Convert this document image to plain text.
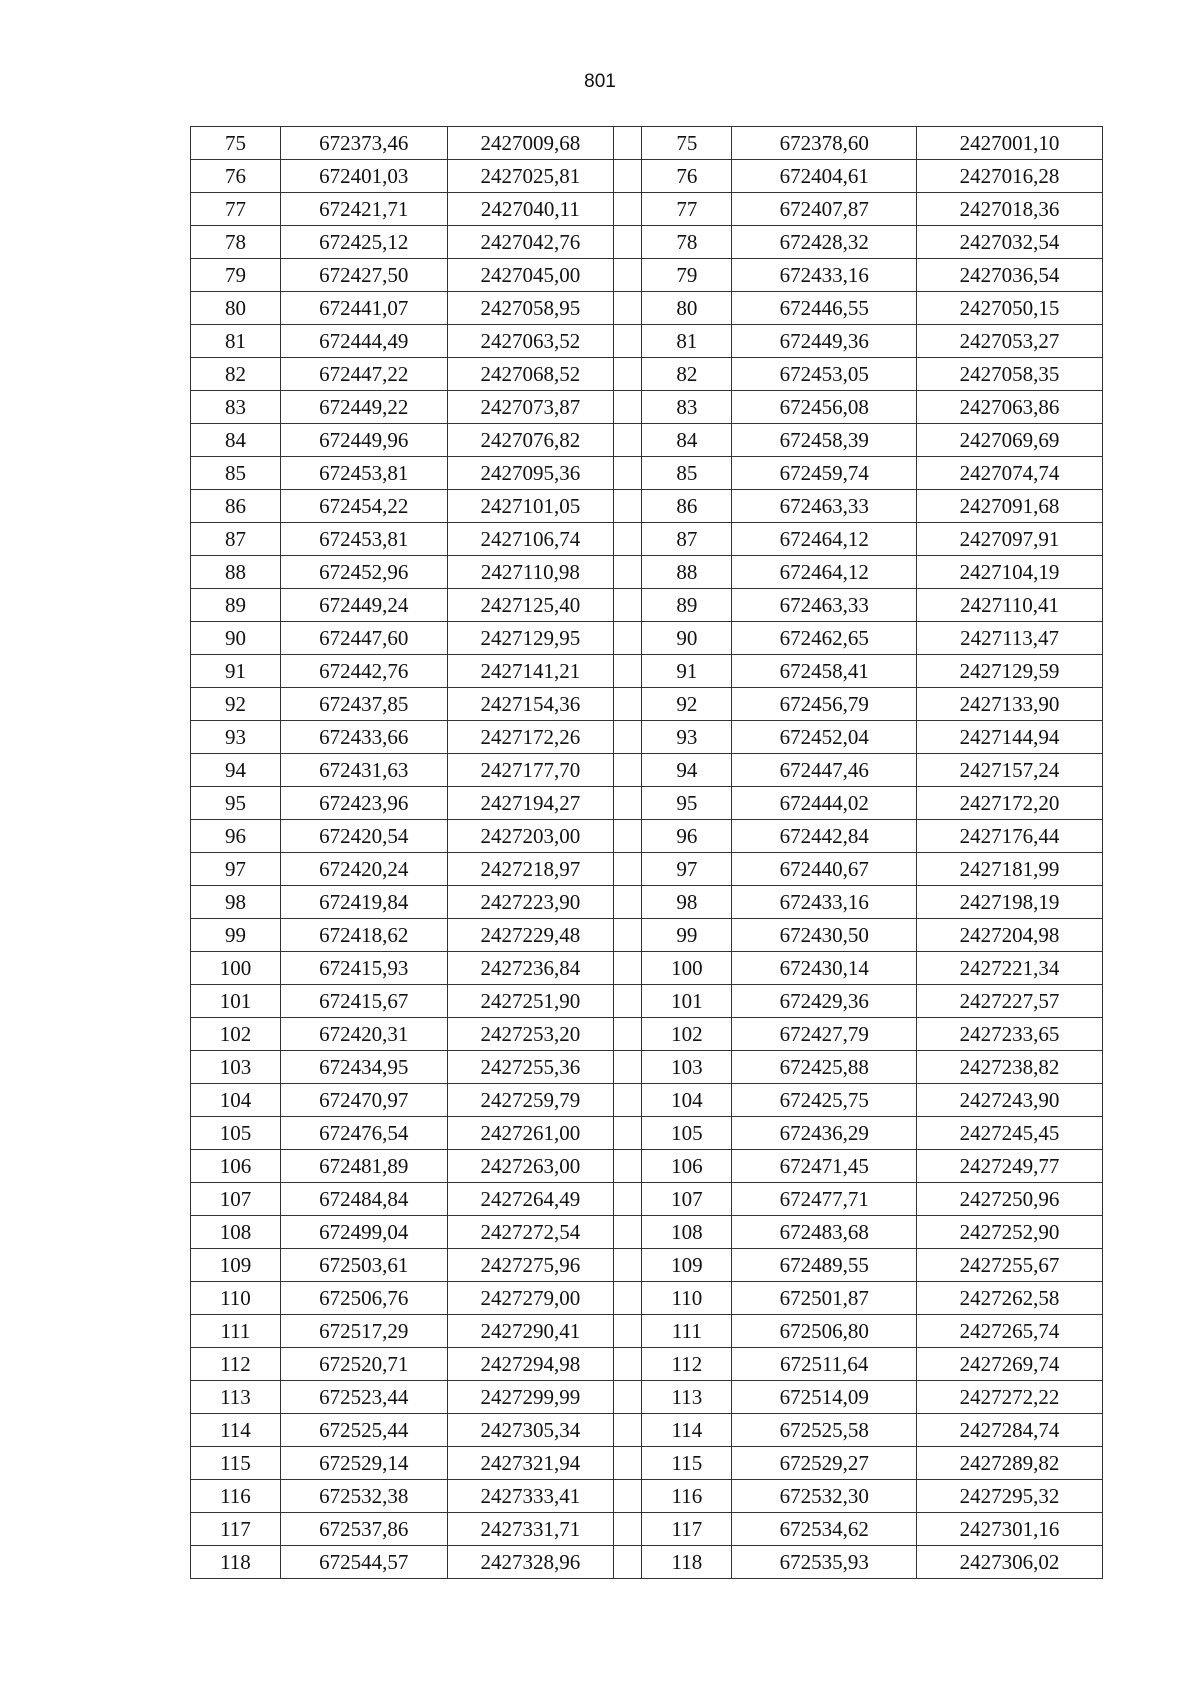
801
75	672373,46	2427009,68		75	672378,60	2427001,10
76	672401,03	2427025,81		76	672404,61	2427016,28
77	672421,71	2427040,11		77	672407,87	2427018,36
78	672425,12	2427042,76		78	672428,32	2427032,54
79	672427,50	2427045,00		79	672433,16	2427036,54
80	672441,07	2427058,95		80	672446,55	2427050,15
81	672444,49	2427063,52		81	672449,36	2427053,27
82	672447,22	2427068,52		82	672453,05	2427058,35
83	672449,22	2427073,87		83	672456,08	2427063,86
84	672449,96	2427076,82		84	672458,39	2427069,69
85	672453,81	2427095,36		85	672459,74	2427074,74
86	672454,22	2427101,05		86	672463,33	2427091,68
87	672453,81	2427106,74		87	672464,12	2427097,91
88	672452,96	2427110,98		88	672464,12	2427104,19
89	672449,24	2427125,40		89	672463,33	2427110,41
90	672447,60	2427129,95		90	672462,65	2427113,47
91	672442,76	2427141,21		91	672458,41	2427129,59
92	672437,85	2427154,36		92	672456,79	2427133,90
93	672433,66	2427172,26		93	672452,04	2427144,94
94	672431,63	2427177,70		94	672447,46	2427157,24
95	672423,96	2427194,27		95	672444,02	2427172,20
96	672420,54	2427203,00		96	672442,84	2427176,44
97	672420,24	2427218,97		97	672440,67	2427181,99
98	672419,84	2427223,90		98	672433,16	2427198,19
99	672418,62	2427229,48		99	672430,50	2427204,98
100	672415,93	2427236,84		100	672430,14	2427221,34
101	672415,67	2427251,90		101	672429,36	2427227,57
102	672420,31	2427253,20		102	672427,79	2427233,65
103	672434,95	2427255,36		103	672425,88	2427238,82
104	672470,97	2427259,79		104	672425,75	2427243,90
105	672476,54	2427261,00		105	672436,29	2427245,45
106	672481,89	2427263,00		106	672471,45	2427249,77
107	672484,84	2427264,49		107	672477,71	2427250,96
108	672499,04	2427272,54		108	672483,68	2427252,90
109	672503,61	2427275,96		109	672489,55	2427255,67
110	672506,76	2427279,00		110	672501,87	2427262,58
111	672517,29	2427290,41		111	672506,80	2427265,74
112	672520,71	2427294,98		112	672511,64	2427269,74
113	672523,44	2427299,99		113	672514,09	2427272,22
114	672525,44	2427305,34		114	672525,58	2427284,74
115	672529,14	2427321,94		115	672529,27	2427289,82
116	672532,38	2427333,41		116	672532,30	2427295,32
117	672537,86	2427331,71		117	672534,62	2427301,16
118	672544,57	2427328,96		118	672535,93	2427306,02
